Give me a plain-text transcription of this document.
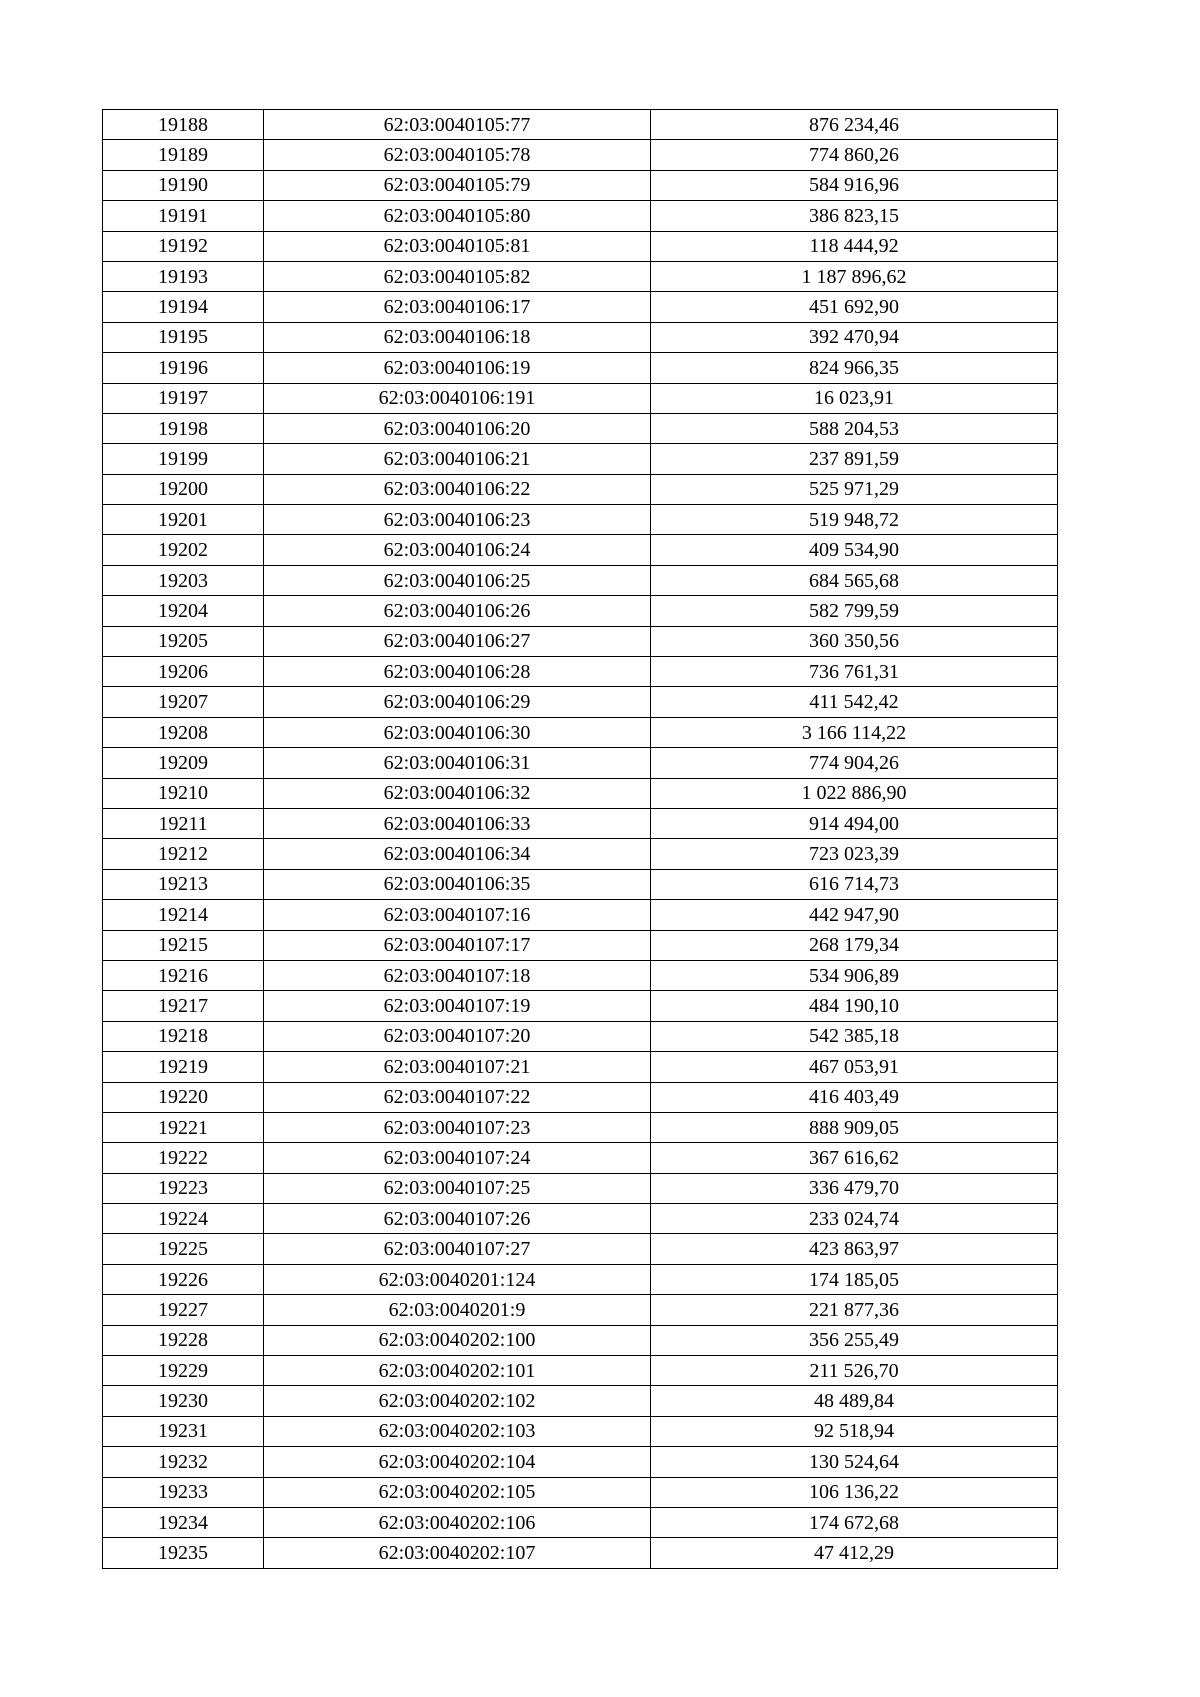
19188	62:03:0040105:77	876 234,46
19189	62:03:0040105:78	774 860,26
19190	62:03:0040105:79	584 916,96
19191	62:03:0040105:80	386 823,15
19192	62:03:0040105:81	118 444,92
19193	62:03:0040105:82	1 187 896,62
19194	62:03:0040106:17	451 692,90
19195	62:03:0040106:18	392 470,94
19196	62:03:0040106:19	824 966,35
19197	62:03:0040106:191	16 023,91
19198	62:03:0040106:20	588 204,53
19199	62:03:0040106:21	237 891,59
19200	62:03:0040106:22	525 971,29
19201	62:03:0040106:23	519 948,72
19202	62:03:0040106:24	409 534,90
19203	62:03:0040106:25	684 565,68
19204	62:03:0040106:26	582 799,59
19205	62:03:0040106:27	360 350,56
19206	62:03:0040106:28	736 761,31
19207	62:03:0040106:29	411 542,42
19208	62:03:0040106:30	3 166 114,22
19209	62:03:0040106:31	774 904,26
19210	62:03:0040106:32	1 022 886,90
19211	62:03:0040106:33	914 494,00
19212	62:03:0040106:34	723 023,39
19213	62:03:0040106:35	616 714,73
19214	62:03:0040107:16	442 947,90
19215	62:03:0040107:17	268 179,34
19216	62:03:0040107:18	534 906,89
19217	62:03:0040107:19	484 190,10
19218	62:03:0040107:20	542 385,18
19219	62:03:0040107:21	467 053,91
19220	62:03:0040107:22	416 403,49
19221	62:03:0040107:23	888 909,05
19222	62:03:0040107:24	367 616,62
19223	62:03:0040107:25	336 479,70
19224	62:03:0040107:26	233 024,74
19225	62:03:0040107:27	423 863,97
19226	62:03:0040201:124	174 185,05
19227	62:03:0040201:9	221 877,36
19228	62:03:0040202:100	356 255,49
19229	62:03:0040202:101	211 526,70
19230	62:03:0040202:102	48 489,84
19231	62:03:0040202:103	92 518,94
19232	62:03:0040202:104	130 524,64
19233	62:03:0040202:105	106 136,22
19234	62:03:0040202:106	174 672,68
19235	62:03:0040202:107	47 412,29
